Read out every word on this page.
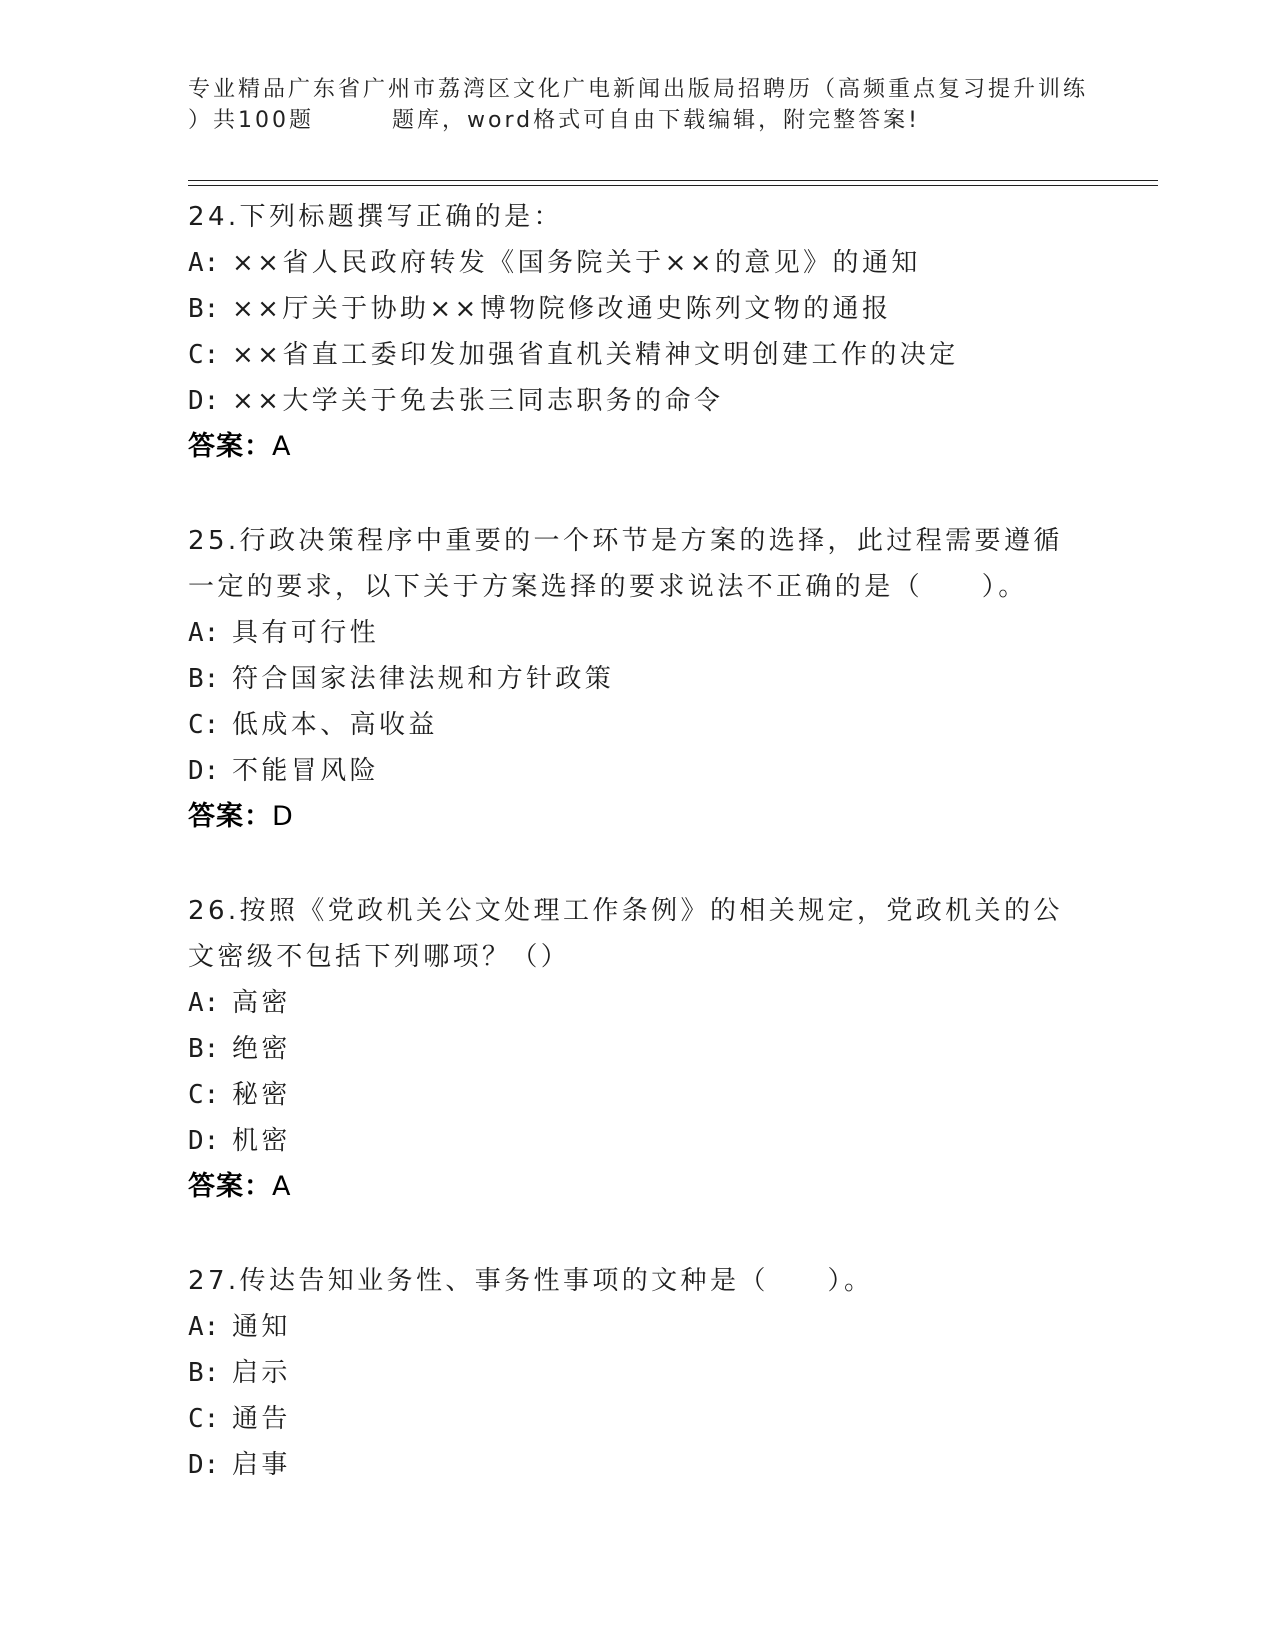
专业精品广东省广州市荔湾区文化广电新闻出版局招聘历（高频重点复习提升训练
）共100题	题库，word格式可自由下载编辑，附完整答案!
24.下列标题撰写正确的是：
A: ××省人民政府转发《国务院关于××的意见》的通知
B: ××厅关于协助××博物院修改通史陈列文物的通报
C: ××省直工委印发加强省直机关精神文明创建工作的决定
D: ××大学关于免去张三同志职务的命令
答案：A
25.行政决策程序中重要的一个环节是方案的选择，此过程需要遵循一定的要求，以下关于方案选择的要求说法不正确的是（　　）。
A: 具有可行性
B: 符合国家法律法规和方针政策
C: 低成本、高收益
D: 不能冒风险
答案：D
26.按照《党政机关公文处理工作条例》的相关规定，党政机关的公文密级不包括下列哪项？（）
A: 高密
B: 绝密
C: 秘密
D: 机密
答案：A
27.传达告知业务性、事务性事项的文种是（　　）。
A: 通知
B: 启示
C: 通告
D: 启事
